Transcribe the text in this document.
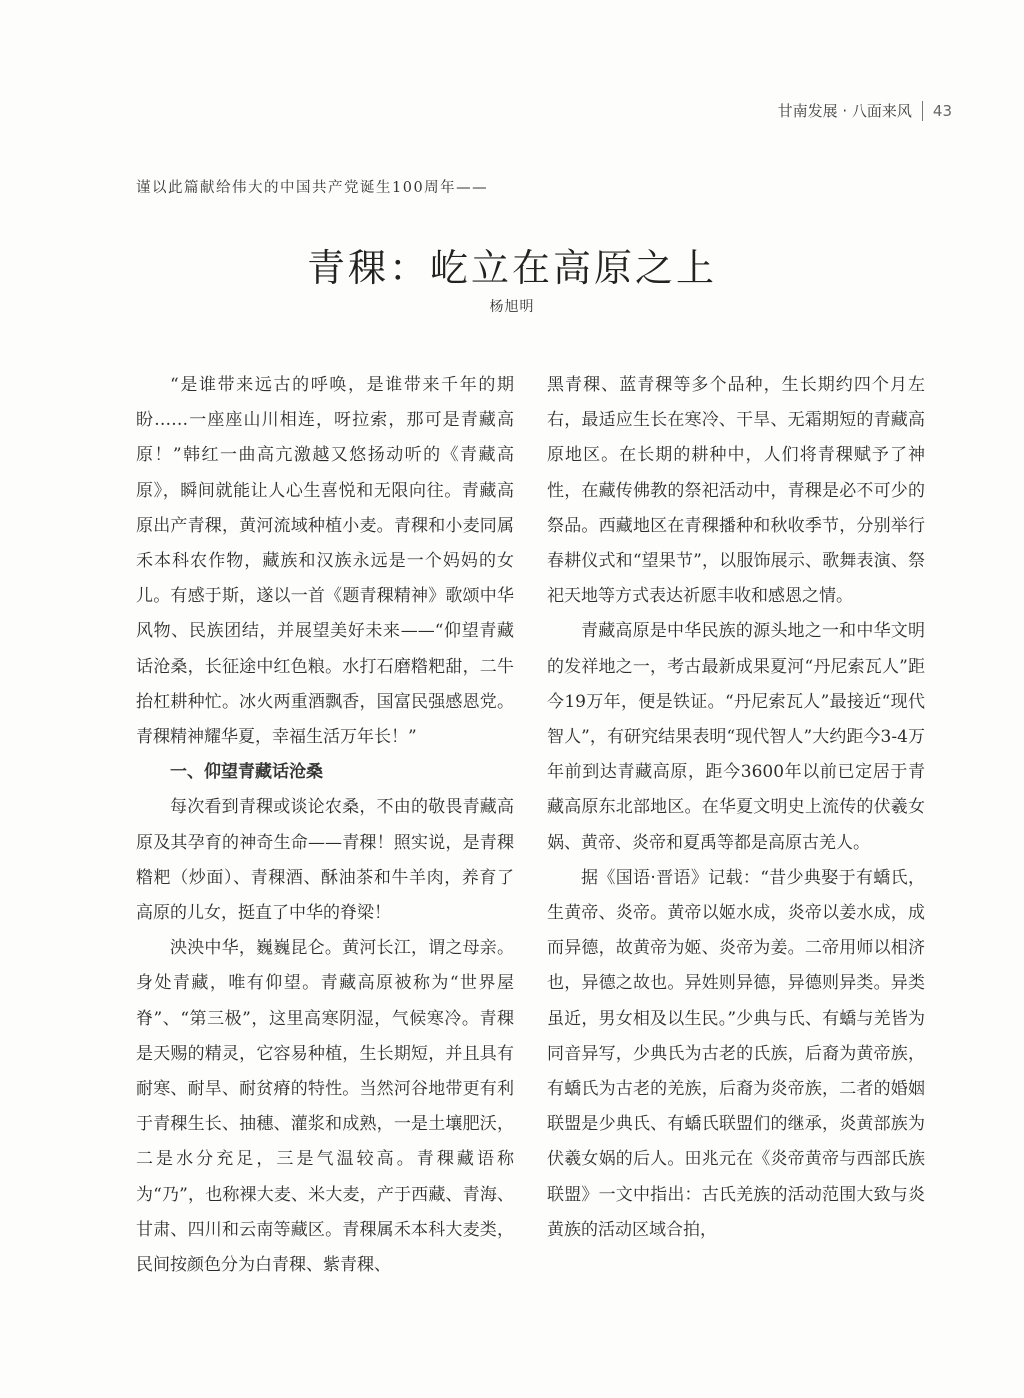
甘南发展 · 八面来风 43
谨以此篇献给伟大的中国共产党诞生100周年——
青稞：屹立在高原之上
杨旭明

“是谁带来远古的呼唤，是谁带来千年的期盼……一座座山川相连，呀拉索，那可是青藏高原！”韩红一曲高亢激越又悠扬动听的《青藏高原》，瞬间就能让人心生喜悦和无限向往。青藏高原出产青稞，黄河流域种植小麦。青稞和小麦同属禾本科农作物，藏族和汉族永远是一个妈妈的女儿。有感于斯，遂以一首《题青稞精神》歌颂中华风物、民族团结，并展望美好未来——“仰望青藏话沧桑，长征途中红色粮。水打石磨糌粑甜，二牛抬杠耕种忙。冰火两重酒飘香，国富民强感恩党。青稞精神耀华夏，幸福生活万年长！”

一、仰望青藏话沧桑

每次看到青稞或谈论农桑，不由的敬畏青藏高原及其孕育的神奇生命——青稞！照实说，是青稞糌粑（炒面）、青稞酒、酥油茶和牛羊肉，养育了高原的儿女，挺直了中华的脊梁！

泱泱中华，巍巍昆仑。黄河长江，谓之母亲。身处青藏，唯有仰望。青藏高原被称为“世界屋脊”、“第三极”，这里高寒阴湿，气候寒冷。青稞是天赐的精灵，它容易种植，生长期短，并且具有耐寒、耐旱、耐贫瘠的特性。当然河谷地带更有利于青稞生长、抽穗、灌浆和成熟，一是土壤肥沃，二是水分充足，三是气温较高。青稞藏语称为“乃”，也称裸大麦、米大麦，产于西藏、青海、甘肃、四川和云南等藏区。青稞属禾本科大麦类，民间按颜色分为白青稞、紫青稞、

黑青稞、蓝青稞等多个品种，生长期约四个月左右，最适应生长在寒冷、干旱、无霜期短的青藏高原地区。在长期的耕种中，人们将青稞赋予了神性，在藏传佛教的祭祀活动中，青稞是必不可少的祭品。西藏地区在青稞播种和秋收季节，分别举行春耕仪式和“望果节”，以服饰展示、歌舞表演、祭祀天地等方式表达祈愿丰收和感恩之情。

青藏高原是中华民族的源头地之一和中华文明的发祥地之一，考古最新成果夏河“丹尼索瓦人”距今19万年，便是铁证。“丹尼索瓦人”最接近“现代智人”，有研究结果表明“现代智人”大约距今3-4万年前到达青藏高原，距今3600年以前已定居于青藏高原东北部地区。在华夏文明史上流传的伏羲女娲、黄帝、炎帝和夏禹等都是高原古羌人。

据《国语·晋语》记载：“昔少典娶于有蟜氏，生黄帝、炎帝。黄帝以姬水成，炎帝以姜水成，成而异德，故黄帝为姬、炎帝为姜。二帝用师以相济也，异德之故也。异姓则异德，异德则异类。异类虽近，男女相及以生民。”少典与氏、有蟜与羌皆为同音异写，少典氏为古老的氏族，后裔为黄帝族，有蟜氏为古老的羌族，后裔为炎帝族，二者的婚姻联盟是少典氏、有蟜氏联盟们的继承，炎黄部族为伏羲女娲的后人。田兆元在《炎帝黄帝与西部氏族联盟》一文中指出：古氏羌族的活动范围大致与炎黄族的活动区域合拍，
